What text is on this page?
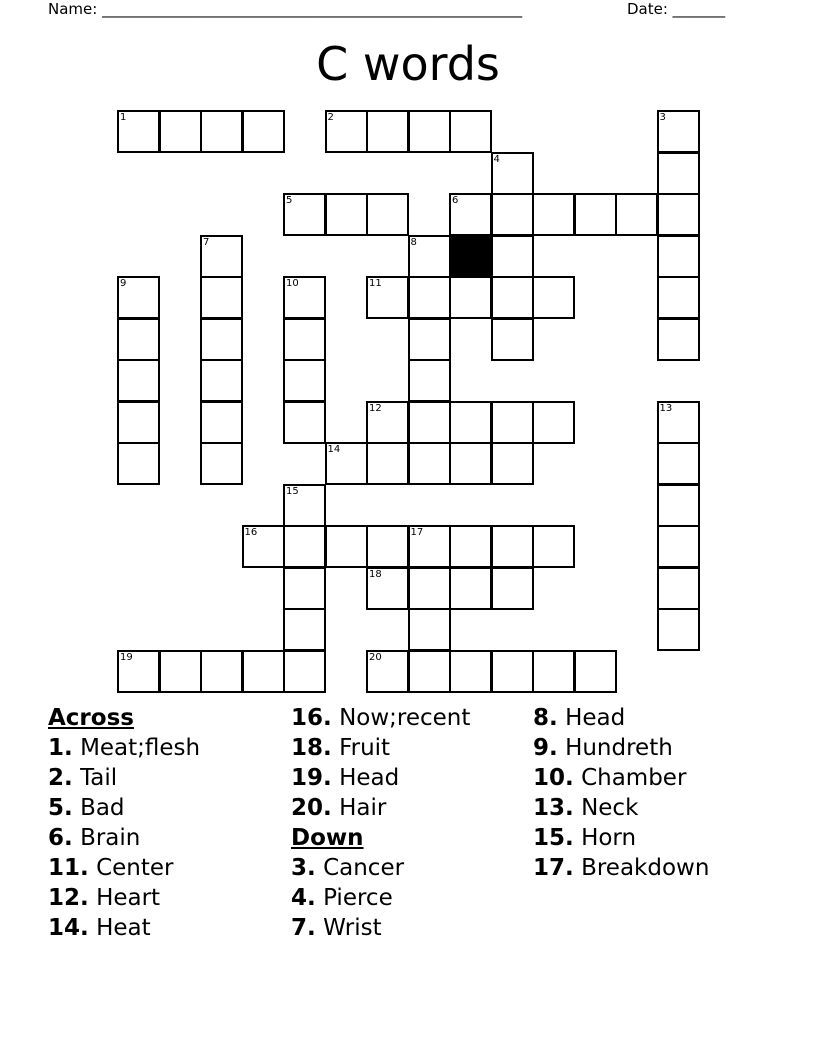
Name: ________________________________________________________	Date: _______
C words
1	2	3
4
5	6
7	8
9	10	11
12	13
14
15
16	17
18
19	20
Across
1. Meat;flesh
2. Tail
5. Bad
6. Brain
11. Center
12. Heart
14. Heat
16. Now;recent
18. Fruit
19. Head
20. Hair
Down
3. Cancer
4. Pierce
7. Wrist
8. Head
9. Hundreth
10. Chamber
13. Neck
15. Horn
17. Breakdown
